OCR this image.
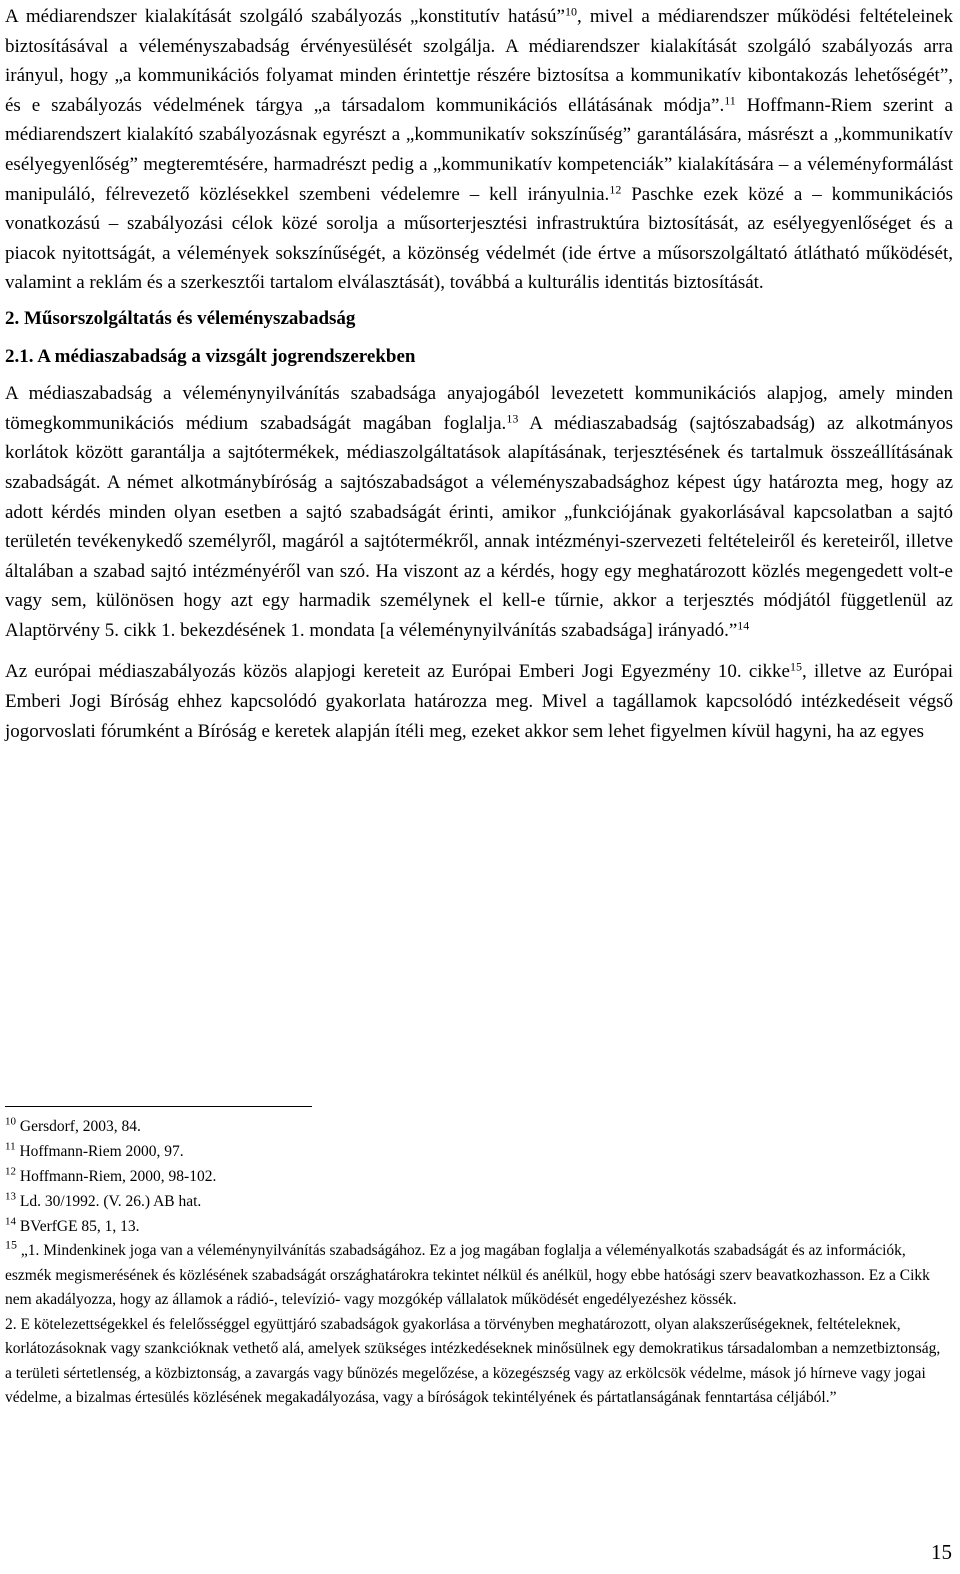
A médiarendszer kialakítását szolgáló szabályozás „konstitutív hatású”$^{10}$, mivel a médiarendszer működési feltételeinek biztosításával a véleményszabadság érvényesülését szolgálja. A médiarendszer kialakítását szolgáló szabályozás arra irányul, hogy „a kommunikációs folyamat minden érintettje részére biztosítsa a kommunikatív kibontakozás lehetőségét”, és e szabályozás védelmének tárgya „a társadalom kommunikációs ellátásának módja”.$^{11}$ Hoffmann-Riem szerint a médiarendszert kialakító szabályozásnak egyrészt a „kommunikatív sokszínűség” garantálására, másrészt a „kommunikatív esélyegyenlőség” megteremtésére, harmadrészt pedig a „kommunikatív kompetenciák” kialakítására – a véleményformálást manipuláló, félrevezető közlésekkel szembeni védelemre – kell irányulnia.$^{12}$ Paschke ezek közé a – kommunikációs vonatkozású – szabályozási célok közé sorolja a műsorterjesztési infrastruktúra biztosítását, az esélyegyenlőséget és a piacok nyitottságát, a vélemények sokszínűségét, a közönség védelmét (ide értve a műsorszolgáltató átlátható működését, valamint a reklám és a szerkesztői tartalom elválasztását), továbbá a kulturális identitás biztosítását.

2. Műsorszolgáltatás és véleményszabadság

2.1. A médiaszabadság a vizsgált jogrendszerekben

A médiaszabadság a véleménynyilvánítás szabadsága anyajogából levezetett kommunikációs alapjog, amely minden tömegkommunikációs médium szabadságát magában foglalja.$^{13}$ A médiaszabadság (sajtószabadság) az alkotmányos korlátok között garantálja a sajtótermékek, médiaszolgáltatások alapításának, terjesztésének és tartalmuk összeállításának szabadságát. A német alkotmánybíróság a sajtószabadságot a véleményszabadsághoz képest úgy határozta meg, hogy az adott kérdés minden olyan esetben a sajtó szabadságát érinti, amikor „funkciójának gyakorlásával kapcsolatban a sajtó területén tevékenykedő személyről, magáról a sajtótermékről, annak intézményi-szervezeti feltételeiről és kereteiről, illetve általában a szabad sajtó intézményéről van szó. Ha viszont az a kérdés, hogy egy meghatározott közlés megengedett volt-e vagy sem, különösen hogy azt egy harmadik személynek el kell-e tűrnie, akkor a terjesztés módjától függetlenül az Alaptörvény 5. cikk 1. bekezdésének 1. mondata [a véleménynyilvánítás szabadsága] irányadó.”$^{14}$

Az európai médiaszabályozás közös alapjogi kereteit az Európai Emberi Jogi Egyezmény 10. cikke$^{15}$, illetve az Európai Emberi Jogi Bíróság ehhez kapcsolódó gyakorlata határozza meg. Mivel a tagállamok kapcsolódó intézkedéseit végső jogorvoslati fórumként a Bíróság e keretek alapján ítéli meg, ezeket akkor sem lehet figyelmen kívül hagyni, ha az egyes

$^{10}$ Gersdorf, 2003, 84.

$^{11}$ Hoffmann-Riem 2000, 97.

$^{12}$ Hoffmann-Riem, 2000, 98-102.

$^{13}$ Ld. 30/1992. (V. 26.) AB hat.

$^{14}$ BVerfGE 85, 1, 13.

$^{15}$ „1. Mindenkinek joga van a véleménynyilvánítás szabadságához. Ez a jog magában foglalja a véleményalkotás szabadságát és az információk, eszmék megismerésének és közlésének szabadságát országhatárokra tekintet nélkül és anélkül, hogy ebbe hatósági szerv beavatkozhasson. Ez a Cikk nem akadályozza, hogy az államok a rádió-, televízió- vagy mozgókép vállalatok működését engedélyezéshez kössék.

2. E kötelezettségekkel és felelősséggel együttjáró szabadságok gyakorlása a törvényben meghatározott, olyan alakszerűségeknek, feltételeknek, korlátozásoknak vagy szankcióknak vethető alá, amelyek szükséges intézkedéseknek minősülnek egy demokratikus társadalomban a nemzetbiztonság, a területi sértetlenség, a közbiztonság, a zavargás vagy bűnözés megelőzése, a közegészség vagy az erkölcsök védelme, mások jó hírneve vagy jogai védelme, a bizalmas értesülés közlésének megakadályozása, vagy a bíróságok tekintélyének és pártatlanságának fenntartása céljából.”

15
